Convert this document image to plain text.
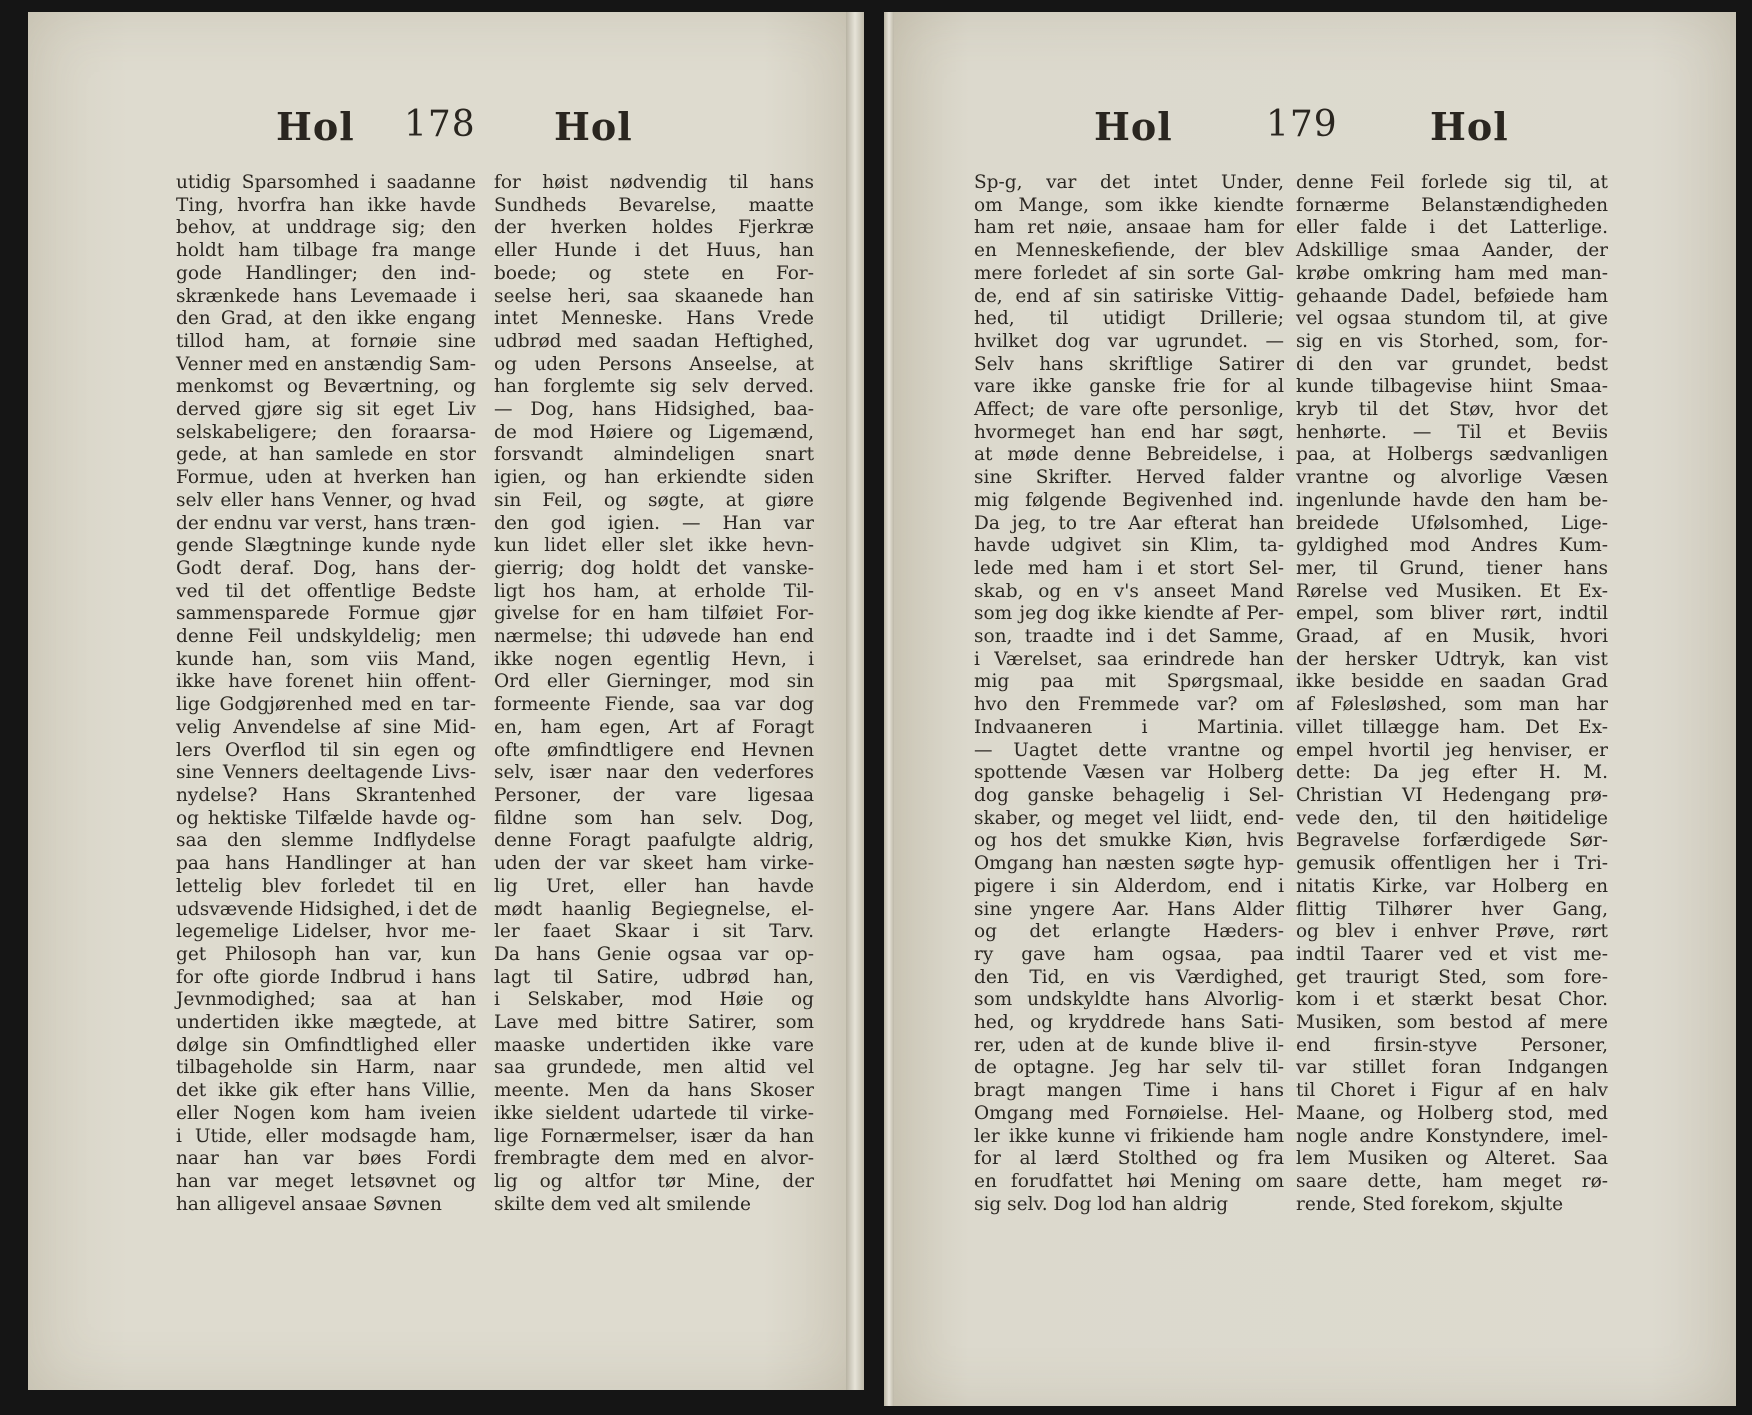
Hol 178 Hol
utidig Sparsomhed i saadanne
Ting, hvorfra han ikke havde
behov, at unddrage sig; den
holdt ham tilbage fra mange
gode Handlinger; den ind-
skrænkede hans Levemaade i
den Grad, at den ikke engang
tillod ham, at fornøie sine
Venner med en anstændig Sam-
menkomst og Beværtning, og
derved gjøre sig sit eget Liv
selskabeligere; den foraarsa-
gede, at han samlede en stor
Formue, uden at hverken han
selv eller hans Venner, og hvad
der endnu var verst, hans træn-
gende Slægtninge kunde nyde
Godt deraf. Dog, hans der-
ved til det offentlige Bedste
sammensparede Formue gjør
denne Feil undskyldelig; men
kunde han, som viis Mand,
ikke have forenet hiin offent-
lige Godgjørenhed med en tar-
velig Anvendelse af sine Mid-
lers Overflod til sin egen og
sine Venners deeltagende Livs-
nydelse? Hans Skrantenhed
og hektiske Tilfælde havde og-
saa den slemme Indflydelse
paa hans Handlinger at han
lettelig blev forledet til en
udsvævende Hidsighed, i det de
legemelige Lidelser, hvor me-
get Philosoph han var, kun
for ofte giorde Indbrud i hans
Jevnmodighed; saa at han
undertiden ikke mægtede, at
dølge sin Omfindtlighed eller
tilbageholde sin Harm, naar
det ikke gik efter hans Villie,
eller Nogen kom ham iveien
i Utide, eller modsagde ham,
naar han var bøes Fordi
han var meget letsøvnet og
han alligevel ansaae Søvnen
for høist nødvendig til hans
Sundheds Bevarelse, maatte
der hverken holdes Fjerkræ
eller Hunde i det Huus, han
boede; og stete en For-
seelse heri, saa skaanede han
intet Menneske. Hans Vrede
udbrød med saadan Heftighed,
og uden Persons Anseelse, at
han forglemte sig selv derved.
— Dog, hans Hidsighed, baa-
de mod Høiere og Ligemænd,
forsvandt almindeligen snart
igien, og han erkiendte siden
sin Feil, og søgte, at giøre
den god igien. — Han var
kun lidet eller slet ikke hevn-
gierrig; dog holdt det vanske-
ligt hos ham, at erholde Til-
givelse for en ham tilføiet For-
nærmelse; thi udøvede han end
ikke nogen egentlig Hevn, i
Ord eller Gierninger, mod sin
formeente Fiende, saa var dog
en, ham egen, Art af Foragt
ofte ømfindtligere end Hevnen
selv, især naar den vederfores
Personer, der vare ligesaa
fildne som han selv. Dog,
denne Foragt paafulgte aldrig,
uden der var skeet ham virke-
lig Uret, eller han havde
mødt haanlig Begiegnelse, el-
ler faaet Skaar i sit Tarv.
Da hans Genie ogsaa var op-
lagt til Satire, udbrød han,
i Selskaber, mod Høie og
Lave med bittre Satirer, som
maaske undertiden ikke vare
saa grundede, men altid vel
meente. Men da hans Skoser
ikke sieldent udartede til virke-
lige Fornærmelser, især da han
frembragte dem med en alvor-
lig og altfor tør Mine, der
skilte dem ved alt smilende
Hol	179 Hol
Sp-g, var det intet Under,
om Mange, som ikke kiendte
ham ret nøie, ansaae ham for
en Menneskefiende, der blev
mere forledet af sin sorte Gal-
de, end af sin satiriske Vittig-
hed, til utidigt Drillerie;
hvilket dog var ugrundet. —
Selv hans skriftlige Satirer
vare ikke ganske frie for al
Affect; de vare ofte personlige,
hvormeget han end har søgt,
at møde denne Bebreidelse, i
sine Skrifter. Herved falder
mig følgende Begivenhed ind.
Da jeg, to tre Aar efterat han
havde udgivet sin Klim, ta-
lede med ham i et stort Sel-
skab, og en v's anseet Mand
som jeg dog ikke kiendte af Per-
son, traadte ind i det Samme,
i Værelset, saa erindrede han
mig paa mit Spørgsmaal,
hvo den Fremmede var? om
Indvaaneren i Martinia.
— Uagtet dette vrantne og
spottende Væsen var Holberg
dog ganske behagelig i Sel-
skaber, og meget vel liidt, end-
og hos det smukke Kiøn, hvis
Omgang han næsten søgte hyp-
pigere i sin Alderdom, end i
sine yngere Aar. Hans Alder
og det erlangte Hæders-
ry gave ham ogsaa, paa
den Tid, en vis Værdighed,
som undskyldte hans Alvorlig-
hed, og kryddrede hans Sati-
rer, uden at de kunde blive il-
de optagne. Jeg har selv til-
bragt mangen Time i hans
Omgang med Fornøielse. Hel-
ler ikke kunne vi frikiende ham
for al lærd Stolthed og fra
en forudfattet høi Mening om
sig selv. Dog lod han aldrig
denne Feil forlede sig til, at
fornærme Belanstændigheden
eller falde i det Latterlige.
Adskillige smaa Aander, der
krøbe omkring ham med man-
gehaande Dadel, beføiede ham
vel ogsaa stundom til, at give
sig en vis Storhed, som, for-
di den var grundet, bedst
kunde tilbagevise hiint Smaa-
kryb til det Støv, hvor det
henhørte. — Til et Beviis
paa, at Holbergs sædvanligen
vrantne og alvorlige Væsen
ingenlunde havde den ham be-
breidede Ufølsomhed, Lige-
gyldighed mod Andres Kum-
mer, til Grund, tiener hans
Rørelse ved Musiken. Et Ex-
empel, som bliver rørt, indtil
Graad, af en Musik, hvori
der hersker Udtryk, kan vist
ikke besidde en saadan Grad
af Følesløshed, som man har
villet tillægge ham. Det Ex-
empel hvortil jeg henviser, er
dette: Da jeg efter H. M.
Christian VI Hedengang prø-
vede den, til den høitidelige
Begravelse forfærdigede Sør-
gemusik offentligen her i Tri-
nitatis Kirke, var Holberg en
flittig Tilhører hver Gang,
og blev i enhver Prøve, rørt
indtil Taarer ved et vist me-
get traurigt Sted, som fore-
kom i et stærkt besat Chor.
Musiken, som bestod af mere
end firsin-styve Personer,
var stillet foran Indgangen
til Choret i Figur af en halv
Maane, og Holberg stod, med
nogle andre Konstyndere, imel-
lem Musiken og Alteret. Saa
saare dette, ham meget rø-
rende, Sted forekom, skjulte
